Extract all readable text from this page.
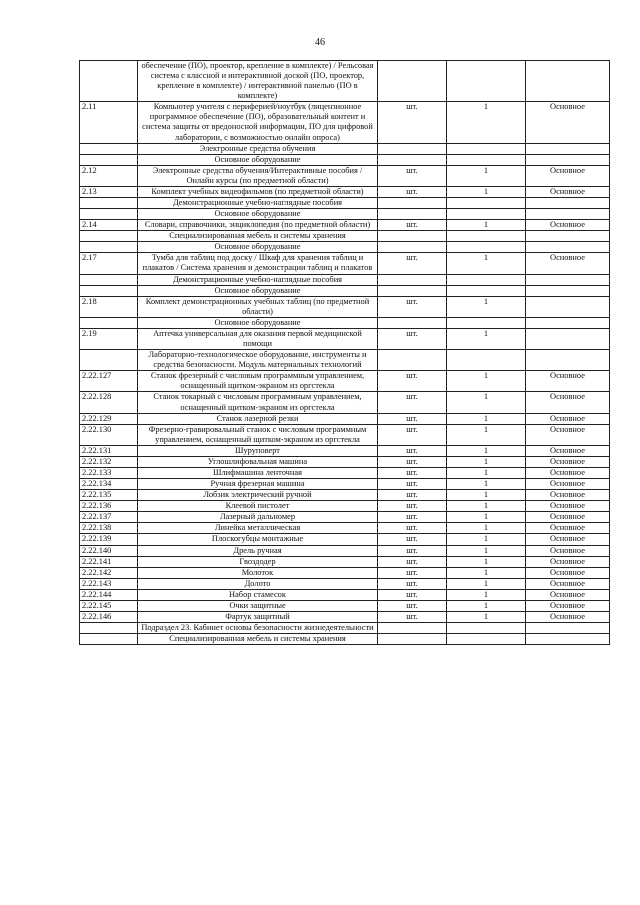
46
	обеспечение (ПО), проектор, крепление в комплекте) / Рельсовая система с классной и интерактивной доской (ПО, проектор, крепление в комплекте) / интерактивной панелью (ПО в комплекте)			
2.11	Компьютер учителя с периферией/ноутбук (лицензионное программное обеспечение (ПО), образовательный контент и система защиты от вредоносной информации, ПО для цифровой лаборатории, с возможностью онлайн опроса)	шт.	1	Основное
	Электронные средства обучения			
	Основное оборудование			
2.12	Электронные средства обучения/Интерактивные пособия / Онлайн курсы (по предметной области)	шт.	1	Основное
2.13	Комплект учебных видеофильмов (по предметной области)	шт.	1	Основное
	Демонстрационные учебно-наглядные пособия			
	Основное оборудование			
2.14	Словари, справочники, энциклопедия (по предметной области)	шт.	1	Основное
	Специализированная мебель и системы хранения			
	Основное оборудование			
2.17	Тумба для таблиц под доску / Шкаф для хранения таблиц и плакатов / Система хранения и демонстрации таблиц и плакатов	шт.	1	Основное
	Демонстрационные учебно-наглядные пособия			
	Основное оборудование			
2.18	Комплект демонстрационных учебных таблиц (по предметной области)	шт.	1	
	Основное оборудование			
2.19	Аптечка универсальная для оказания первой медицинской помощи	шт.	1	
	Лабораторно-технологическое оборудование, инструменты и средства безопасности. Модуль материальных технологий			
2.22.127	Станок фрезерный с числовым программным управлением, оснащенный щитком-экраном из оргстекла	шт.	1	Основное
2.22.128	Станок токарный с числовым программным управлением, оснащенный щитком-экраном из оргстекла	шт.	1	Основное
2.22.129	Станок лазерной резки	шт.	1	Основное
2.22.130	Фрезерно-гравировальный станок с числовым программным управлением, оснащенный щитком-экраном из оргстекла	шт.	1	Основное
2.22.131	Шуруповерт	шт.	1	Основное
2.22.132	Углошлифовальная машина	шт.	1	Основное
2.22.133	Шлифмашина ленточная	шт.	1	Основное
2.22.134	Ручная фрезерная машина	шт.	1	Основное
2.22.135	Лобзик электрический ручной	шт.	1	Основное
2.22.136	Клеевой пистолет	шт.	1	Основное
2.22.137	Лазерный дальномер	шт.	1	Основное
2.22.138	Линейка металлическая	шт.	1	Основное
2.22.139	Плоскогубцы монтажные	шт.	1	Основное
2.22.140	Дрель ручная	шт.	1	Основное
2.22.141	Гвоздодер	шт.	1	Основное
2.22.142	Молоток	шт.	1	Основное
2.22.143	Долото	шт.	1	Основное
2.22.144	Набор стамесок	шт.	1	Основное
2.22.145	Очки защитные	шт.	1	Основное
2.22.146	Фартук защитный	шт.	1	Основное
	Подраздел 23. Кабинет основы безопасности жизнедеятельности			
	Специализированная мебель и системы хранения			
